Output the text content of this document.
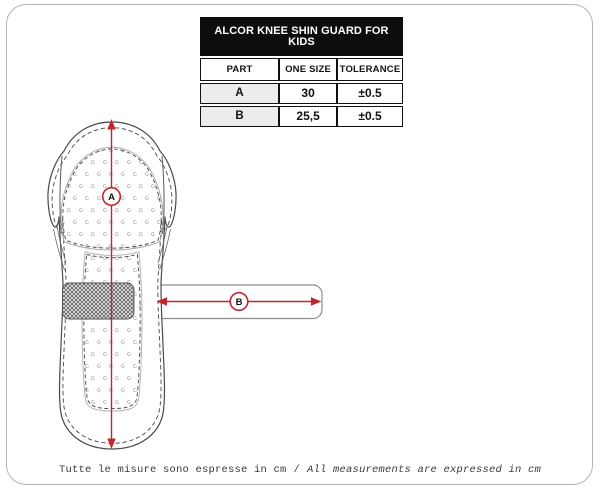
ALCOR KNEE SHIN GUARD FOR KIDS
PART	ONE SIZE	TOLERANCE
A	30	±0.5
B	25,5	±0.5
A
B
Tutte le misure sono espresse in cm / All measurements are expressed in cm
